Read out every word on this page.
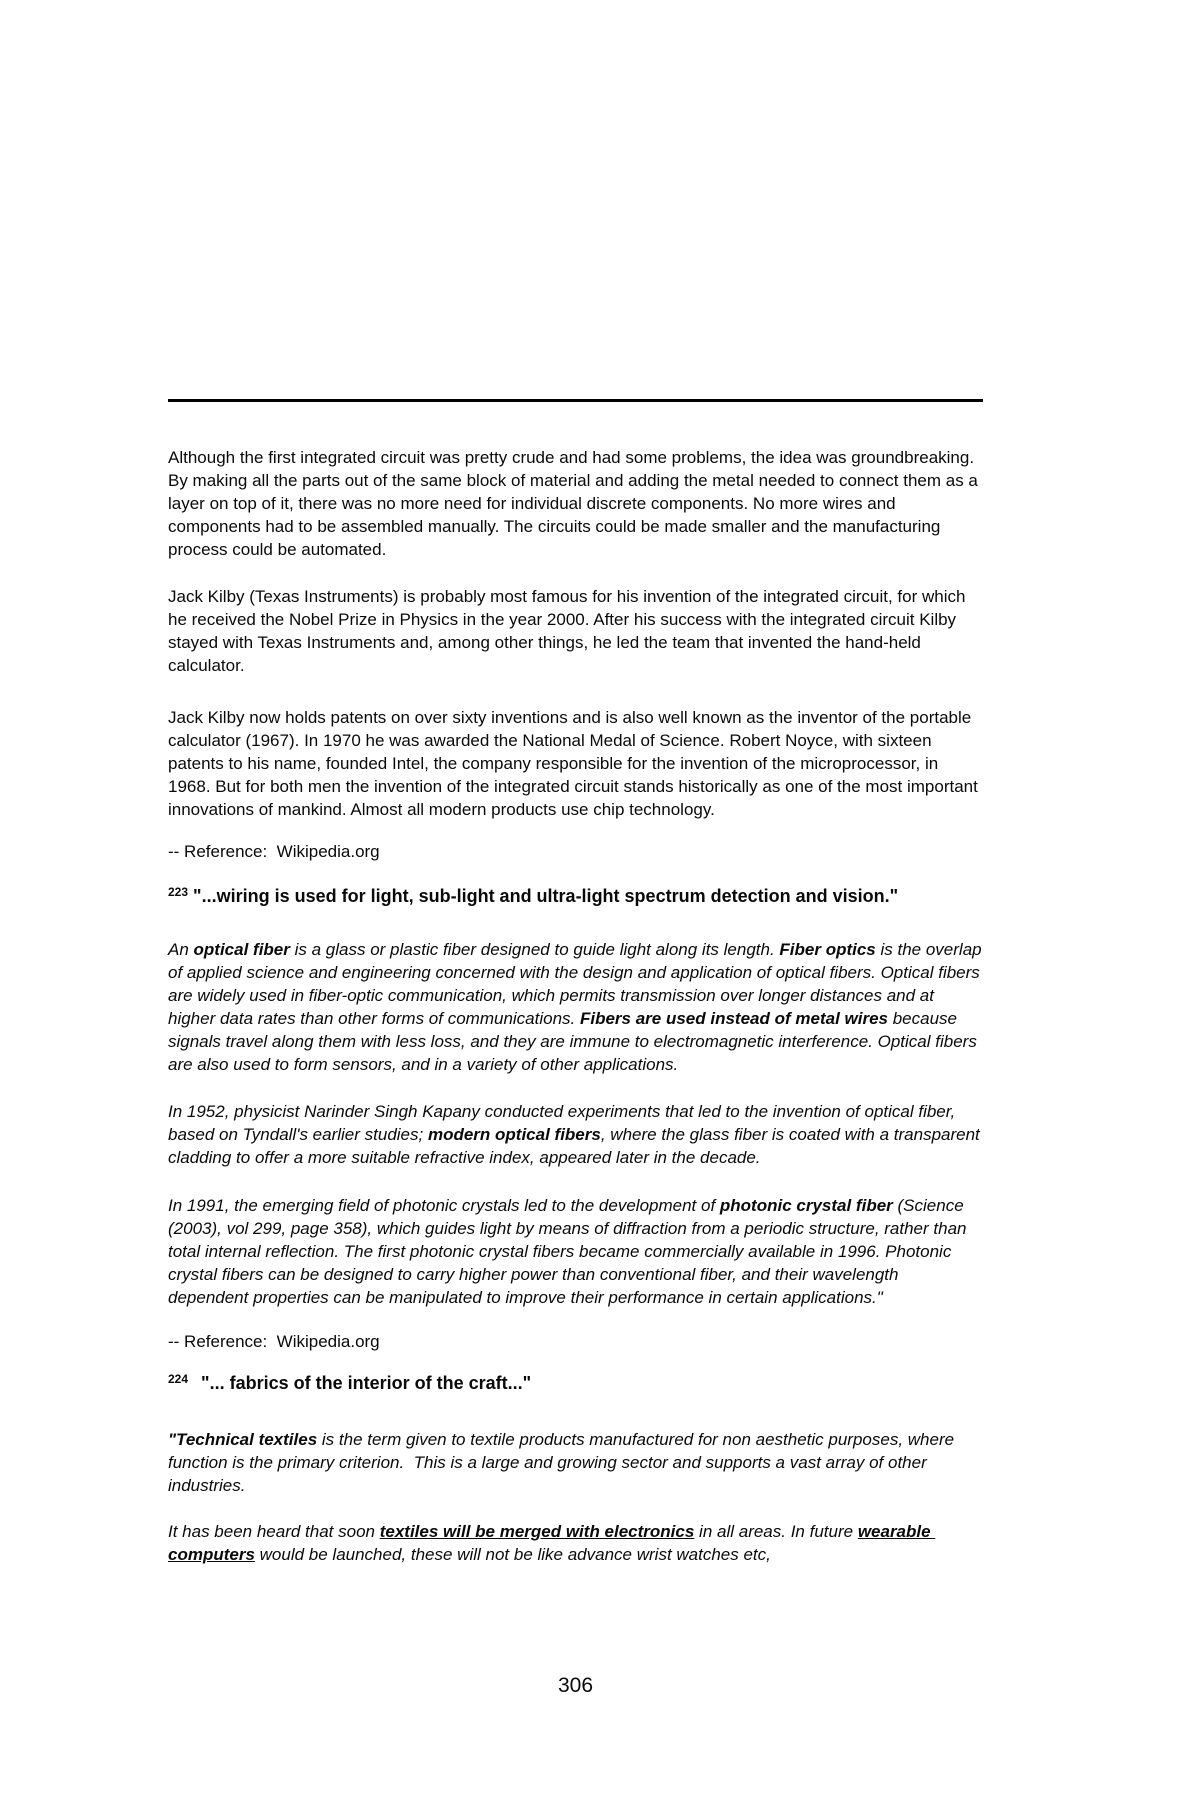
Although the first integrated circuit was pretty crude and had some problems, the idea was groundbreaking. By making all the parts out of the same block of material and adding the metal needed to connect them as a layer on top of it, there was no more need for individual discrete components. No more wires and components had to be assembled manually. The circuits could be made smaller and the manufacturing process could be automated.

Jack Kilby (Texas Instruments) is probably most famous for his invention of the integrated circuit, for which he received the Nobel Prize in Physics in the year 2000. After his success with the integrated circuit Kilby stayed with Texas Instruments and, among other things, he led the team that invented the hand-held calculator.

Jack Kilby now holds patents on over sixty inventions and is also well known as the inventor of the portable calculator (1967). In 1970 he was awarded the National Medal of Science. Robert Noyce, with sixteen patents to his name, founded Intel, the company responsible for the invention of the microprocessor, in 1968. But for both men the invention of the integrated circuit stands historically as one of the most important innovations of mankind. Almost all modern products use chip technology.

-- Reference:  Wikipedia.org

$^{223}$ "...wiring is used for light, sub-light and ultra-light spectrum detection and vision."

An optical fiber is a glass or plastic fiber designed to guide light along its length. Fiber optics is the overlap of applied science and engineering concerned with the design and application of optical fibers. Optical fibers are widely used in fiber-optic communication, which permits transmission over longer distances and at higher data rates than other forms of communications. Fibers are used instead of metal wires because signals travel along them with less loss, and they are immune to electromagnetic interference. Optical fibers are also used to form sensors, and in a variety of other applications.

In 1952, physicist Narinder Singh Kapany conducted experiments that led to the invention of optical fiber, based on Tyndall's earlier studies; modern optical fibers, where the glass fiber is coated with a transparent cladding to offer a more suitable refractive index, appeared later in the decade.

In 1991, the emerging field of photonic crystals led to the development of photonic crystal fiber (Science (2003), vol 299, page 358), which guides light by means of diffraction from a periodic structure, rather than total internal reflection. The first photonic crystal fibers became commercially available in 1996. Photonic crystal fibers can be designed to carry higher power than conventional fiber, and their wavelength dependent properties can be manipulated to improve their performance in certain applications."

-- Reference:  Wikipedia.org

$^{224}$ "... fabrics of the interior of the craft..."

"Technical textiles is the term given to textile products manufactured for non aesthetic purposes, where function is the primary criterion.  This is a large and growing sector and supports a vast array of other industries.

It has been heard that soon textiles will be merged with electronics in all areas. In future wearable computers would be launched, these will not be like advance wrist watches etc,

306
